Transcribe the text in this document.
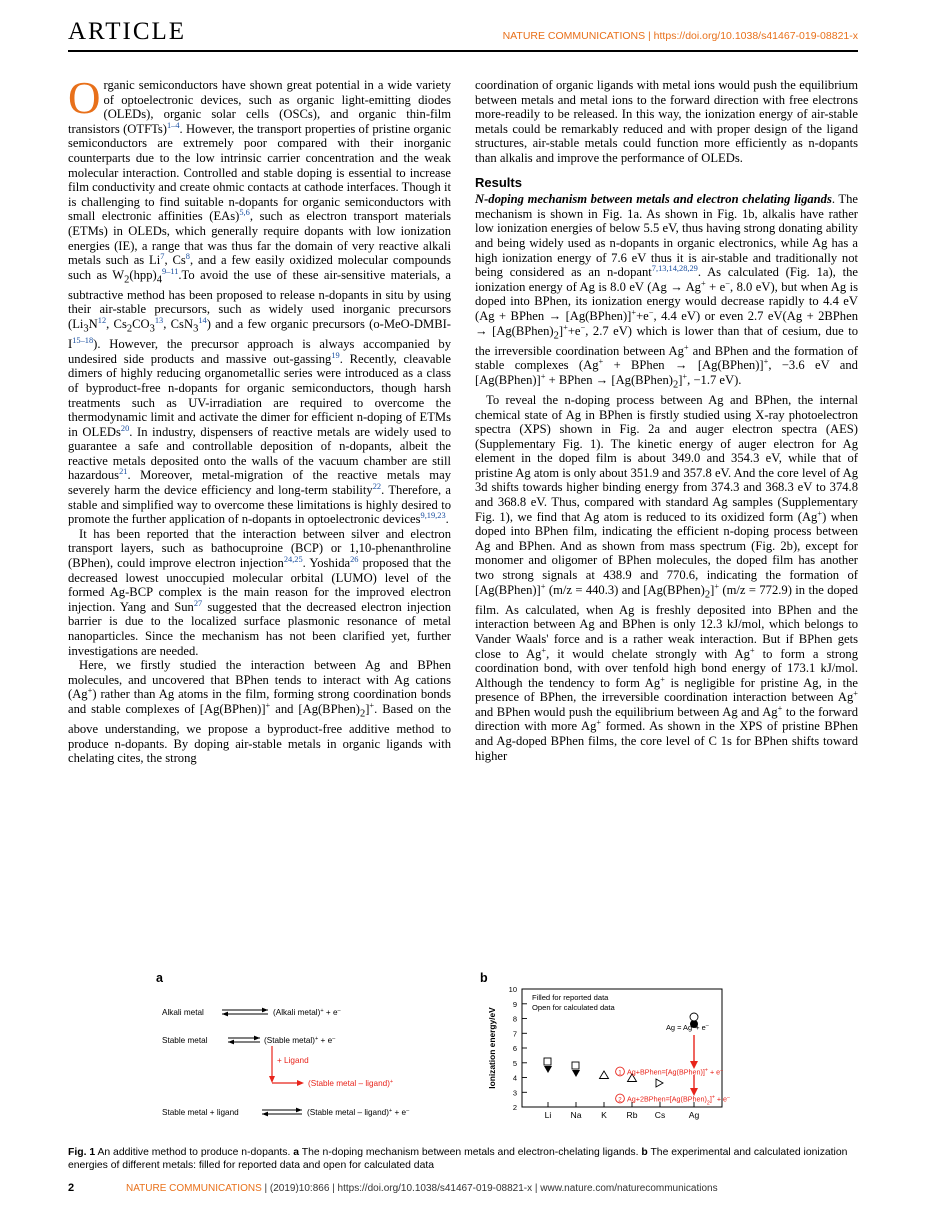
ARTICLE	NATURE COMMUNICATIONS | https://doi.org/10.1038/s41467-019-08821-x

Organic semiconductors have shown great potential in a wide variety of optoelectronic devices, such as organic light-emitting diodes (OLEDs), organic solar cells (OSCs), and organic thin-film transistors (OTFTs)$^{1-4}$. However, the transport properties of pristine organic semiconductors are extremely poor compared with their inorganic counterparts due to the low intrinsic carrier concentration and the weak molecular interaction. Controlled and stable doping is essential to increase film conductivity and create ohmic contacts at cathode interfaces. Though it is challenging to find suitable n-dopants for organic semiconductors with small electronic affinities (EAs)$^{5,6}$, such as electron transport materials (ETMs) in OLEDs, which generally require dopants with low ionization energies (IE), a range that was thus far the domain of very reactive alkali metals such as Li$^7$, Cs$^8$, and a few easily oxidized molecular compounds such as $W_2(hpp)_4^{9-11}.To$ avoid the use of these air-sensitive materials, a subtractive method has been proposed to release n-dopants in situ by using their air-stable precursors, such as widely used inorganic precursors ($Li_3N^{12}$, $Cs_2CO_3^{13}$, CsN$_3^{14}$) and a few organic precursors $(o-MeO-DMBI-I^{15-18})$. However, the precursor approach is always accompanied by undesired side products and massive out-gassing$^{19}$. Recently, cleavable dimers of highly reducing organometallic series were introduced as a class of byproduct-free n-dopants for organic semiconductors, though harsh treatments such as UV-irradiation are required to overcome the thermodynamic limit and activate the dimer for efficient n-doping of ETMs in OLEDs$^{20}$. In industry, dispensers of reactive metals are widely used to guarantee a safe and controllable deposition of n-dopants, albeit the reactive metals deposited onto the walls of the vacuum chamber are still hazardous$^{21}$. Moreover, metal-migration of the reactive metals may severely harm the device efficiency and long-term stability$^{22}$. Therefore, a stable and simplified way to overcome these limitations is highly desired to promote the further application of n-dopants in optoelectronic devices$^{9,19,23}$.

It has been reported that the interaction between silver and electron transport layers, such as bathocuproine (BCP) or 1,10-phenanthroline (BPhen), could improve electron injection$^{24,25}$. Yoshida$^{26}$ proposed that the decreased lowest unoccupied molecular orbital (LUMO) level of the formed Ag-BCP complex is the main reason for the improved electron injection. Yang and Sun$^{27}$ suggested that the decreased electron injection barrier is due to the localized surface plasmonic resonance of metal nanoparticles. Since the mechanism has not been clarified yet, further investigations are needed.

Here, we firstly studied the interaction between Ag and BPhen molecules, and uncovered that BPhen tends to interact with Ag cations (Ag+) rather than Ag atoms in the film, forming strong coordination bonds and stable complexes of [Ag(BPhen)]+ and $[Ag(BPhen)_2]^+$. Based on the above understanding, we propose a byproduct-free additive method to produce n-dopants. By doping air-stable metals in organic ligands with chelating cites, the strong

coordination of organic ligands with metal ions would push the equilibrium between metals and metal ions to the forward direction with free electrons more-readily to be released. In this way, the ionization energy of air-stable metals could be remarkably reduced and with proper design of the ligand structures, air-stable metals could function more efficiently as n-dopants than alkalis and improve the performance of OLEDs.

Results

N-doping mechanism between metals and electron chelating ligands. The mechanism is shown in Fig. 1a. As shown in Fig. 1b, alkalis have rather low ionization energies of below 5.5 eV, thus having strong donating ability and being widely used as n-dopants in organic electronics, while Ag has a high ionization energy of 7.6 eV thus it is air-stable and traditionally not being considered as an n-dopant$^{7,13,14,28,29}$. As calculated (Fig. 1a), the ionization energy of Ag is 8.0 eV (Ag → Ag+ + e−, 8.0 eV), but when Ag is doped into BPhen, its ionization energy would decrease rapidly to 4.4 eV (Ag + BPhen → [Ag(BPhen)]++e−, 4.4 eV) or even 2.7 eV(Ag + 2BPhen → $[Ag(BPhen)_2]^++e^-$, 2.7 eV) which is lower than that of cesium, due to the irreversible coordination between Ag+ and BPhen and the formation of stable complexes (Ag+ + BPhen → [Ag(BPhen)]+, −3.6 eV and [Ag(BPhen)]+ + BPhen → $[Ag(BPhen)_2]^+$, −1.7 eV).

To reveal the n-doping process between Ag and BPhen, the internal chemical state of Ag in BPhen is firstly studied using X-ray photoelectron spectra (XPS) shown in Fig. 2a and auger electron spectra (AES) (Supplementary Fig. 1). The kinetic energy of auger electron for Ag element in the doped film is about 349.0 and 354.3 eV, while that of pristine Ag atom is only about 351.9 and 357.8 eV. And the core level of Ag 3d shifts towards higher binding energy from 374.3 and 368.3 eV to 374.8 and 368.8 eV. Thus, compared with standard Ag samples (Supplementary Fig. 1), we find that Ag atom is reduced to its oxidized form (Ag+) when doped into BPhen film, indicating the efficient n-doping process between Ag and BPhen. And as shown from mass spectrum (Fig. 2b), except for monomer and oligomer of BPhen molecules, the doped film has another two strong signals at 438.9 and 770.6, indicating the formation of [Ag(BPhen)]+ (m/z = 440.3) and $[Ag(BPhen)_2]^+$ (m/z = 772.9) in the doped film. As calculated, when Ag is freshly deposited into BPhen and the interaction between Ag and BPhen is only 12.3 kJ/mol, which belongs to Vander Waals' force and is a rather weak interaction. But if BPhen gets close to Ag+, it would chelate strongly with Ag+ to form a strong coordination bond, with over tenfold high bond energy of 173.1 kJ/mol. Although the tendency to form Ag+ is negligible for pristine Ag, in the presence of BPhen, the irreversible coordination interaction between Ag+ and BPhen would push the equilibrium between Ag and Ag+ to the forward direction with more Ag+ formed. As shown in the XPS of pristine BPhen and Ag-doped BPhen films, the core level of C 1s for BPhen shifts toward higher

a
Alkali metal	(Alkali metal)+ + e–
Stable metal	(Stable metal)+ + e–
+ Ligand
(Stable metal – ligand)+
Stable metal + ligand	(Stable metal – ligand)+ + e–
b
2
3
4
5
6
7
8
9
10
Ionization energy/eV
Li Na K Rb Cs	Ag
Filled for reported data
Open for calculated data
Ag = Ag++ e–
1 Ag+BPhen=[Ag(BPhen)]+ + e–
2 $Ag+2BPhen=[Ag(BPhen)_2]^+ + e^-$
Fig. 1 An additive method to produce n-dopants. a The n-doping mechanism between metals and electron-chelating ligands. b The experimental and calculated ionization energies of different metals: filled for reported data and open for calculated data
2	NATURE COMMUNICATIONS | (2019)10:866 | https://doi.org/10.1038/s41467-019-08821-x | www.nature.com/naturecommunications
